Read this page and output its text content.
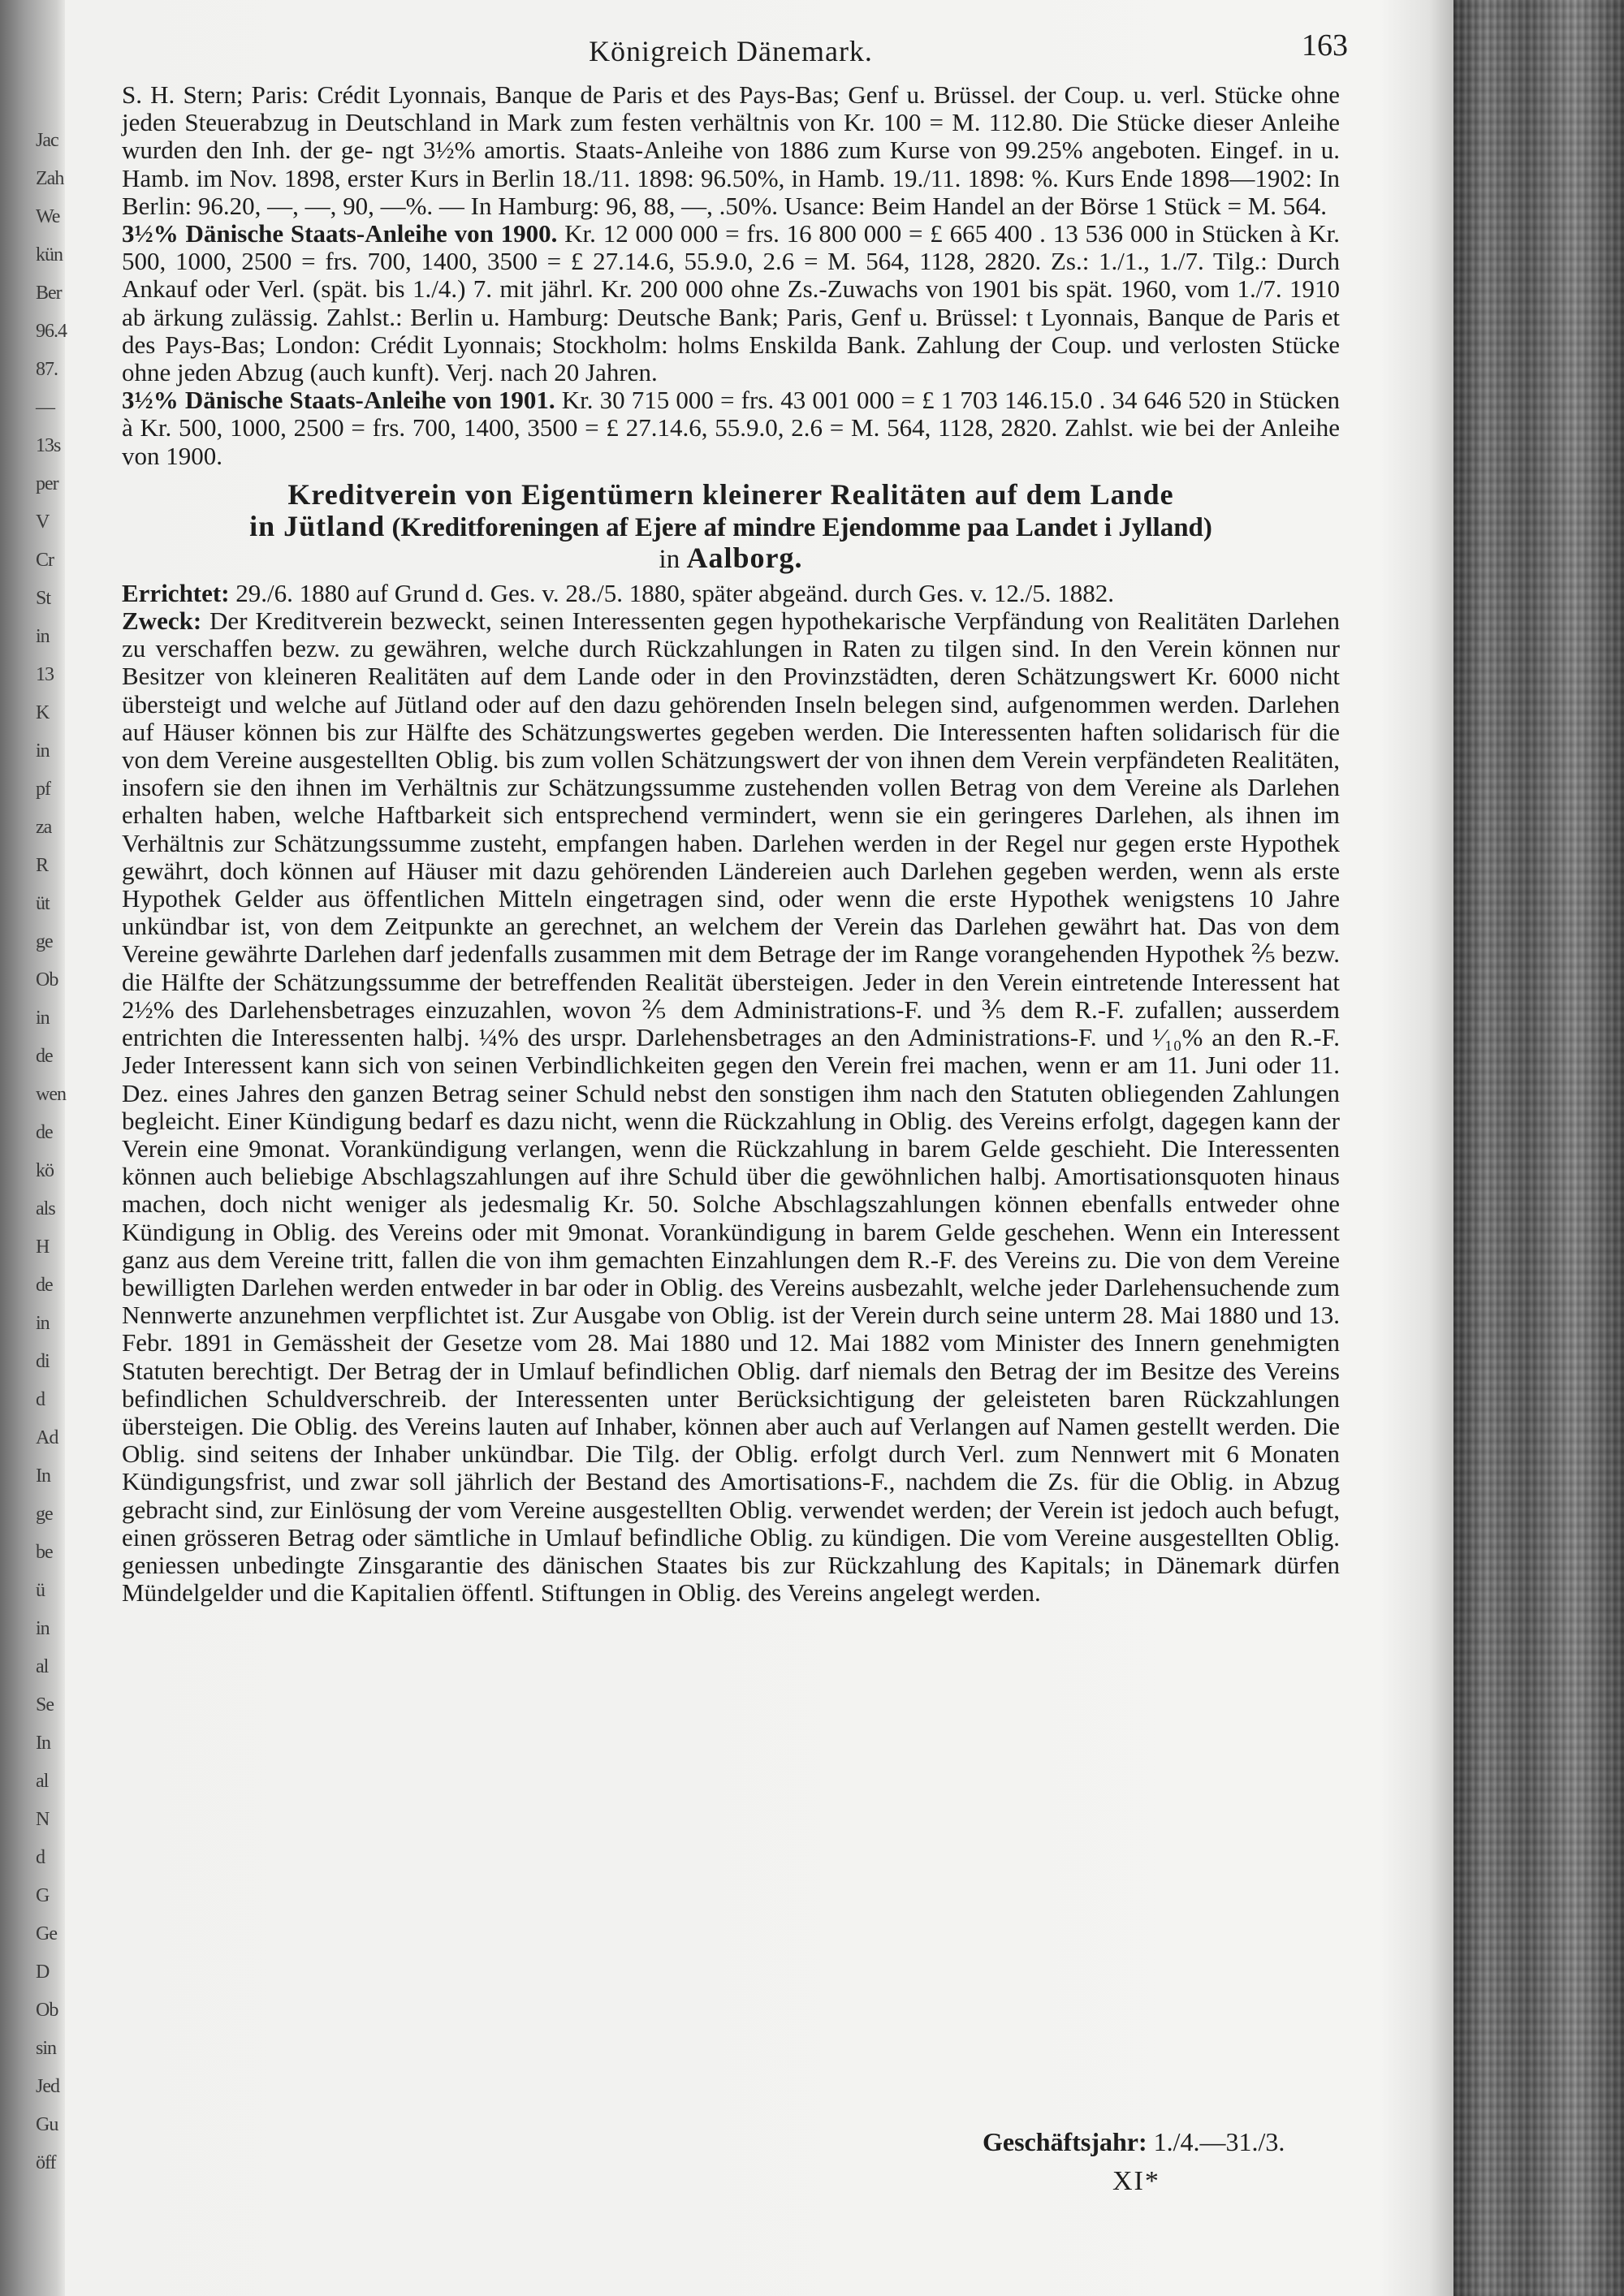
Jac
Zah
We
kün
Ber
96.4
87.
—
13s
per
V
Cr
St
in
13
K
in
pf
za
R
üt
ge
Ob
in
de
wen
de
kö
als
H
de
in
di
d
Ad
In
ge
be
ü
in
al
Se
In
al
N
d
G
Ge
D
Ob
sin
Jed
Gu
öff
Königreich Dänemark.	163

S. H. Stern; Paris: Crédit Lyonnais, Banque de Paris et des Pays-Bas; Genf u. Brüssel. der Coup. u. verl. Stücke ohne jeden Steuerabzug in Deutschland in Mark zum festen verhältnis von Kr. 100 = M. 112.80. Die Stücke dieser Anleihe wurden den Inh. der ge- ngt 3½% amortis. Staats-Anleihe von 1886 zum Kurse von 99.25% angeboten. Eingef. in u. Hamb. im Nov. 1898, erster Kurs in Berlin 18./11. 1898: 96.50%, in Hamb. 19./11. 1898: %. Kurs Ende 1898—1902: In Berlin: 96.20, —, —, 90, —%. — In Hamburg: 96, 88, —, .50%. Usance: Beim Handel an der Börse 1 Stück = M. 564.

3½% Dänische Staats-Anleihe von 1900. Kr. 12 000 000 = frs. 16 800 000 = £ 665 400 . 13 536 000 in Stücken à Kr. 500, 1000, 2500 = frs. 700, 1400, 3500 = £ 27.14.6, 55.9.0, 2.6 = M. 564, 1128, 2820. Zs.: 1./1., 1./7. Tilg.: Durch Ankauf oder Verl. (spät. bis 1./4.) 7. mit jährl. Kr. 200 000 ohne Zs.-Zuwachs von 1901 bis spät. 1960, vom 1./7. 1910 ab ärkung zulässig. Zahlst.: Berlin u. Hamburg: Deutsche Bank; Paris, Genf u. Brüssel: t Lyonnais, Banque de Paris et des Pays-Bas; London: Crédit Lyonnais; Stockholm: holms Enskilda Bank. Zahlung der Coup. und verlosten Stücke ohne jeden Abzug (auch kunft). Verj. nach 20 Jahren.

3½% Dänische Staats-Anleihe von 1901. Kr. 30 715 000 = frs. 43 001 000 = £ 1 703 146.15.0 . 34 646 520 in Stücken à Kr. 500, 1000, 2500 = frs. 700, 1400, 3500 = £ 27.14.6, 55.9.0, 2.6 = M. 564, 1128, 2820. Zahlst. wie bei der Anleihe von 1900.

Kreditverein von Eigentümern kleinerer Realitäten auf dem Lande
in Jütland (Kreditforeningen af Ejere af mindre Ejendomme paa Landet i Jylland)
in Aalborg.

Errichtet: 29./6. 1880 auf Grund d. Ges. v. 28./5. 1880, später abgeänd. durch Ges. v. 12./5. 1882.

Zweck: Der Kreditverein bezweckt, seinen Interessenten gegen hypothekarische Verpfändung von Realitäten Darlehen zu verschaffen bezw. zu gewähren, welche durch Rückzahlungen in Raten zu tilgen sind. In den Verein können nur Besitzer von kleineren Realitäten auf dem Lande oder in den Provinzstädten, deren Schätzungswert Kr. 6000 nicht übersteigt und welche auf Jütland oder auf den dazu gehörenden Inseln belegen sind, aufgenommen werden. Darlehen auf Häuser können bis zur Hälfte des Schätzungswertes gegeben werden. Die Interessenten haften solidarisch für die von dem Vereine ausgestellten Oblig. bis zum vollen Schätzungswert der von ihnen dem Verein verpfändeten Realitäten, insofern sie den ihnen im Verhältnis zur Schätzungssumme zustehenden vollen Betrag von dem Vereine als Darlehen erhalten haben, welche Haftbarkeit sich entsprechend vermindert, wenn sie ein geringeres Darlehen, als ihnen im Verhältnis zur Schätzungssumme zusteht, empfangen haben. Darlehen werden in der Regel nur gegen erste Hypothek gewährt, doch können auf Häuser mit dazu gehörenden Ländereien auch Darlehen gegeben werden, wenn als erste Hypothek Gelder aus öffentlichen Mitteln eingetragen sind, oder wenn die erste Hypothek wenigstens 10 Jahre unkündbar ist, von dem Zeitpunkte an gerechnet, an welchem der Verein das Darlehen gewährt hat. Das von dem Vereine gewährte Darlehen darf jedenfalls zusammen mit dem Betrage der im Range vorangehenden Hypothek ⅖ bezw. die Hälfte der Schätzungssumme der betreffenden Realität übersteigen. Jeder in den Verein eintretende Interessent hat 2½% des Darlehensbetrages einzuzahlen, wovon ⅖ dem Administrations-F. und ⅗ dem R.-F. zufallen; ausserdem entrichten die Interessenten halbj. ¼% des urspr. Darlehensbetrages an den Administrations-F. und ¹⁄₁₀% an den R.-F. Jeder Interessent kann sich von seinen Verbindlichkeiten gegen den Verein frei machen, wenn er am 11. Juni oder 11. Dez. eines Jahres den ganzen Betrag seiner Schuld nebst den sonstigen ihm nach den Statuten obliegenden Zahlungen begleicht. Einer Kündigung bedarf es dazu nicht, wenn die Rückzahlung in Oblig. des Vereins erfolgt, dagegen kann der Verein eine 9monat. Vorankündigung verlangen, wenn die Rückzahlung in barem Gelde geschieht. Die Interessenten können auch beliebige Abschlagszahlungen auf ihre Schuld über die gewöhnlichen halbj. Amortisationsquoten hinaus machen, doch nicht weniger als jedesmalig Kr. 50. Solche Abschlagszahlungen können ebenfalls entweder ohne Kündigung in Oblig. des Vereins oder mit 9monat. Vorankündigung in barem Gelde geschehen. Wenn ein Interessent ganz aus dem Vereine tritt, fallen die von ihm gemachten Einzahlungen dem R.-F. des Vereins zu. Die von dem Vereine bewilligten Darlehen werden entweder in bar oder in Oblig. des Vereins ausbezahlt, welche jeder Darlehensuchende zum Nennwerte anzunehmen verpflichtet ist. Zur Ausgabe von Oblig. ist der Verein durch seine unterm 28. Mai 1880 und 13. Febr. 1891 in Gemässheit der Gesetze vom 28. Mai 1880 und 12. Mai 1882 vom Minister des Innern genehmigten Statuten berechtigt. Der Betrag der in Umlauf befindlichen Oblig. darf niemals den Betrag der im Besitze des Vereins befindlichen Schuldverschreib. der Interessenten unter Berücksichtigung der geleisteten baren Rückzahlungen übersteigen. Die Oblig. des Vereins lauten auf Inhaber, können aber auch auf Verlangen auf Namen gestellt werden. Die Oblig. sind seitens der Inhaber unkündbar. Die Tilg. der Oblig. erfolgt durch Verl. zum Nennwert mit 6 Monaten Kündigungsfrist, und zwar soll jährlich der Bestand des Amortisations-F., nachdem die Zs. für die Oblig. in Abzug gebracht sind, zur Einlösung der vom Vereine ausgestellten Oblig. verwendet werden; der Verein ist jedoch auch befugt, einen grösseren Betrag oder sämtliche in Umlauf befindliche Oblig. zu kündigen. Die vom Vereine ausgestellten Oblig. geniessen unbedingte Zinsgarantie des dänischen Staates bis zur Rückzahlung des Kapitals; in Dänemark dürfen Mündelgelder und die Kapitalien öffentl. Stiftungen in Oblig. des Vereins angelegt werden.

Geschäftsjahr: 1./4.—31./3.
XI*
